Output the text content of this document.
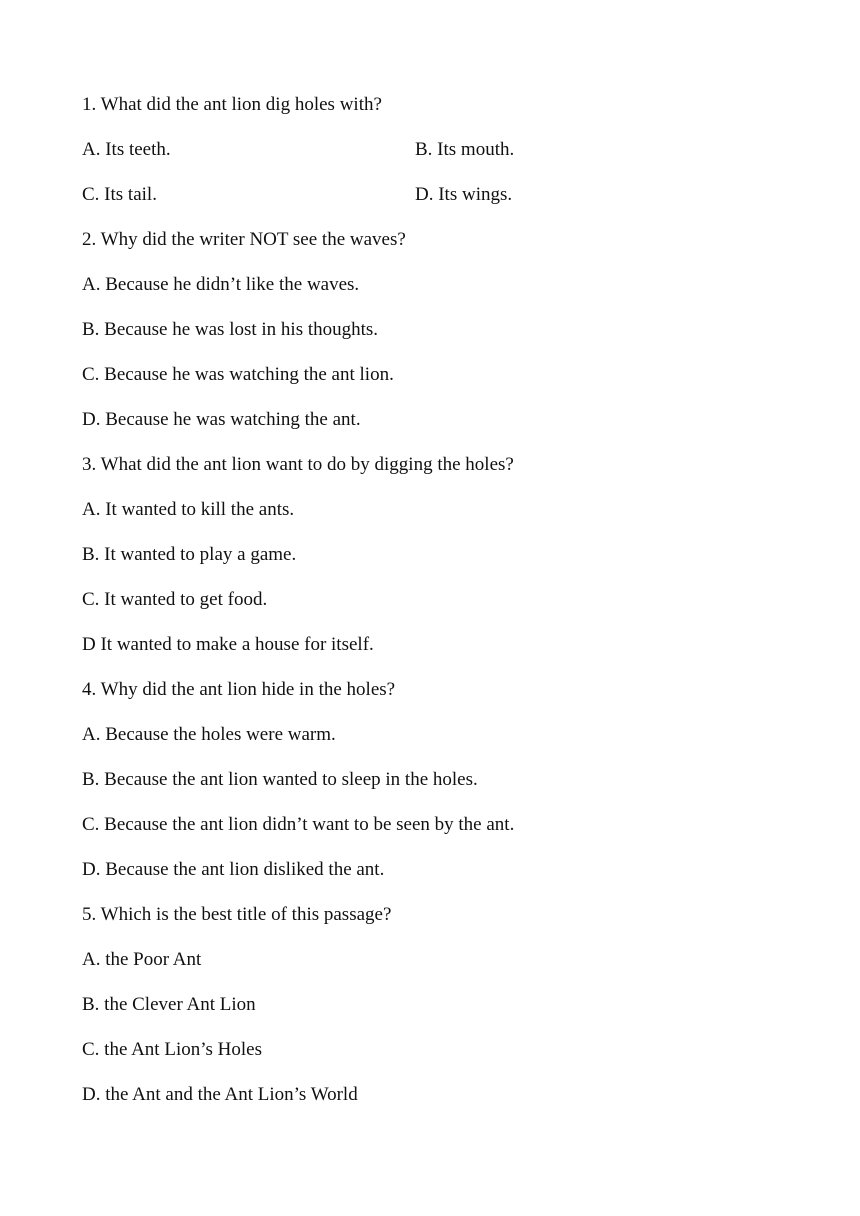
1. What did the ant lion dig holes with?
A. Its teeth.	B. Its mouth.
C. Its tail.	D. Its wings.
2. Why did the writer NOT see the waves?
A. Because he didn’t like the waves.
B. Because he was lost in his thoughts.
C. Because he was watching the ant lion.
D. Because he was watching the ant.
3. What did the ant lion want to do by digging the holes?
A. It wanted to kill the ants.
B. It wanted to play a game.
C. It wanted to get food.
D It wanted to make a house for itself.
4. Why did the ant lion hide in the holes?
A. Because the holes were warm.
B. Because the ant lion wanted to sleep in the holes.
C. Because the ant lion didn’t want to be seen by the ant.
D. Because the ant lion disliked the ant.
5. Which is the best title of this passage?
A. the Poor Ant
B. the Clever Ant Lion
C. the Ant Lion’s Holes
D. the Ant and the Ant Lion’s World
